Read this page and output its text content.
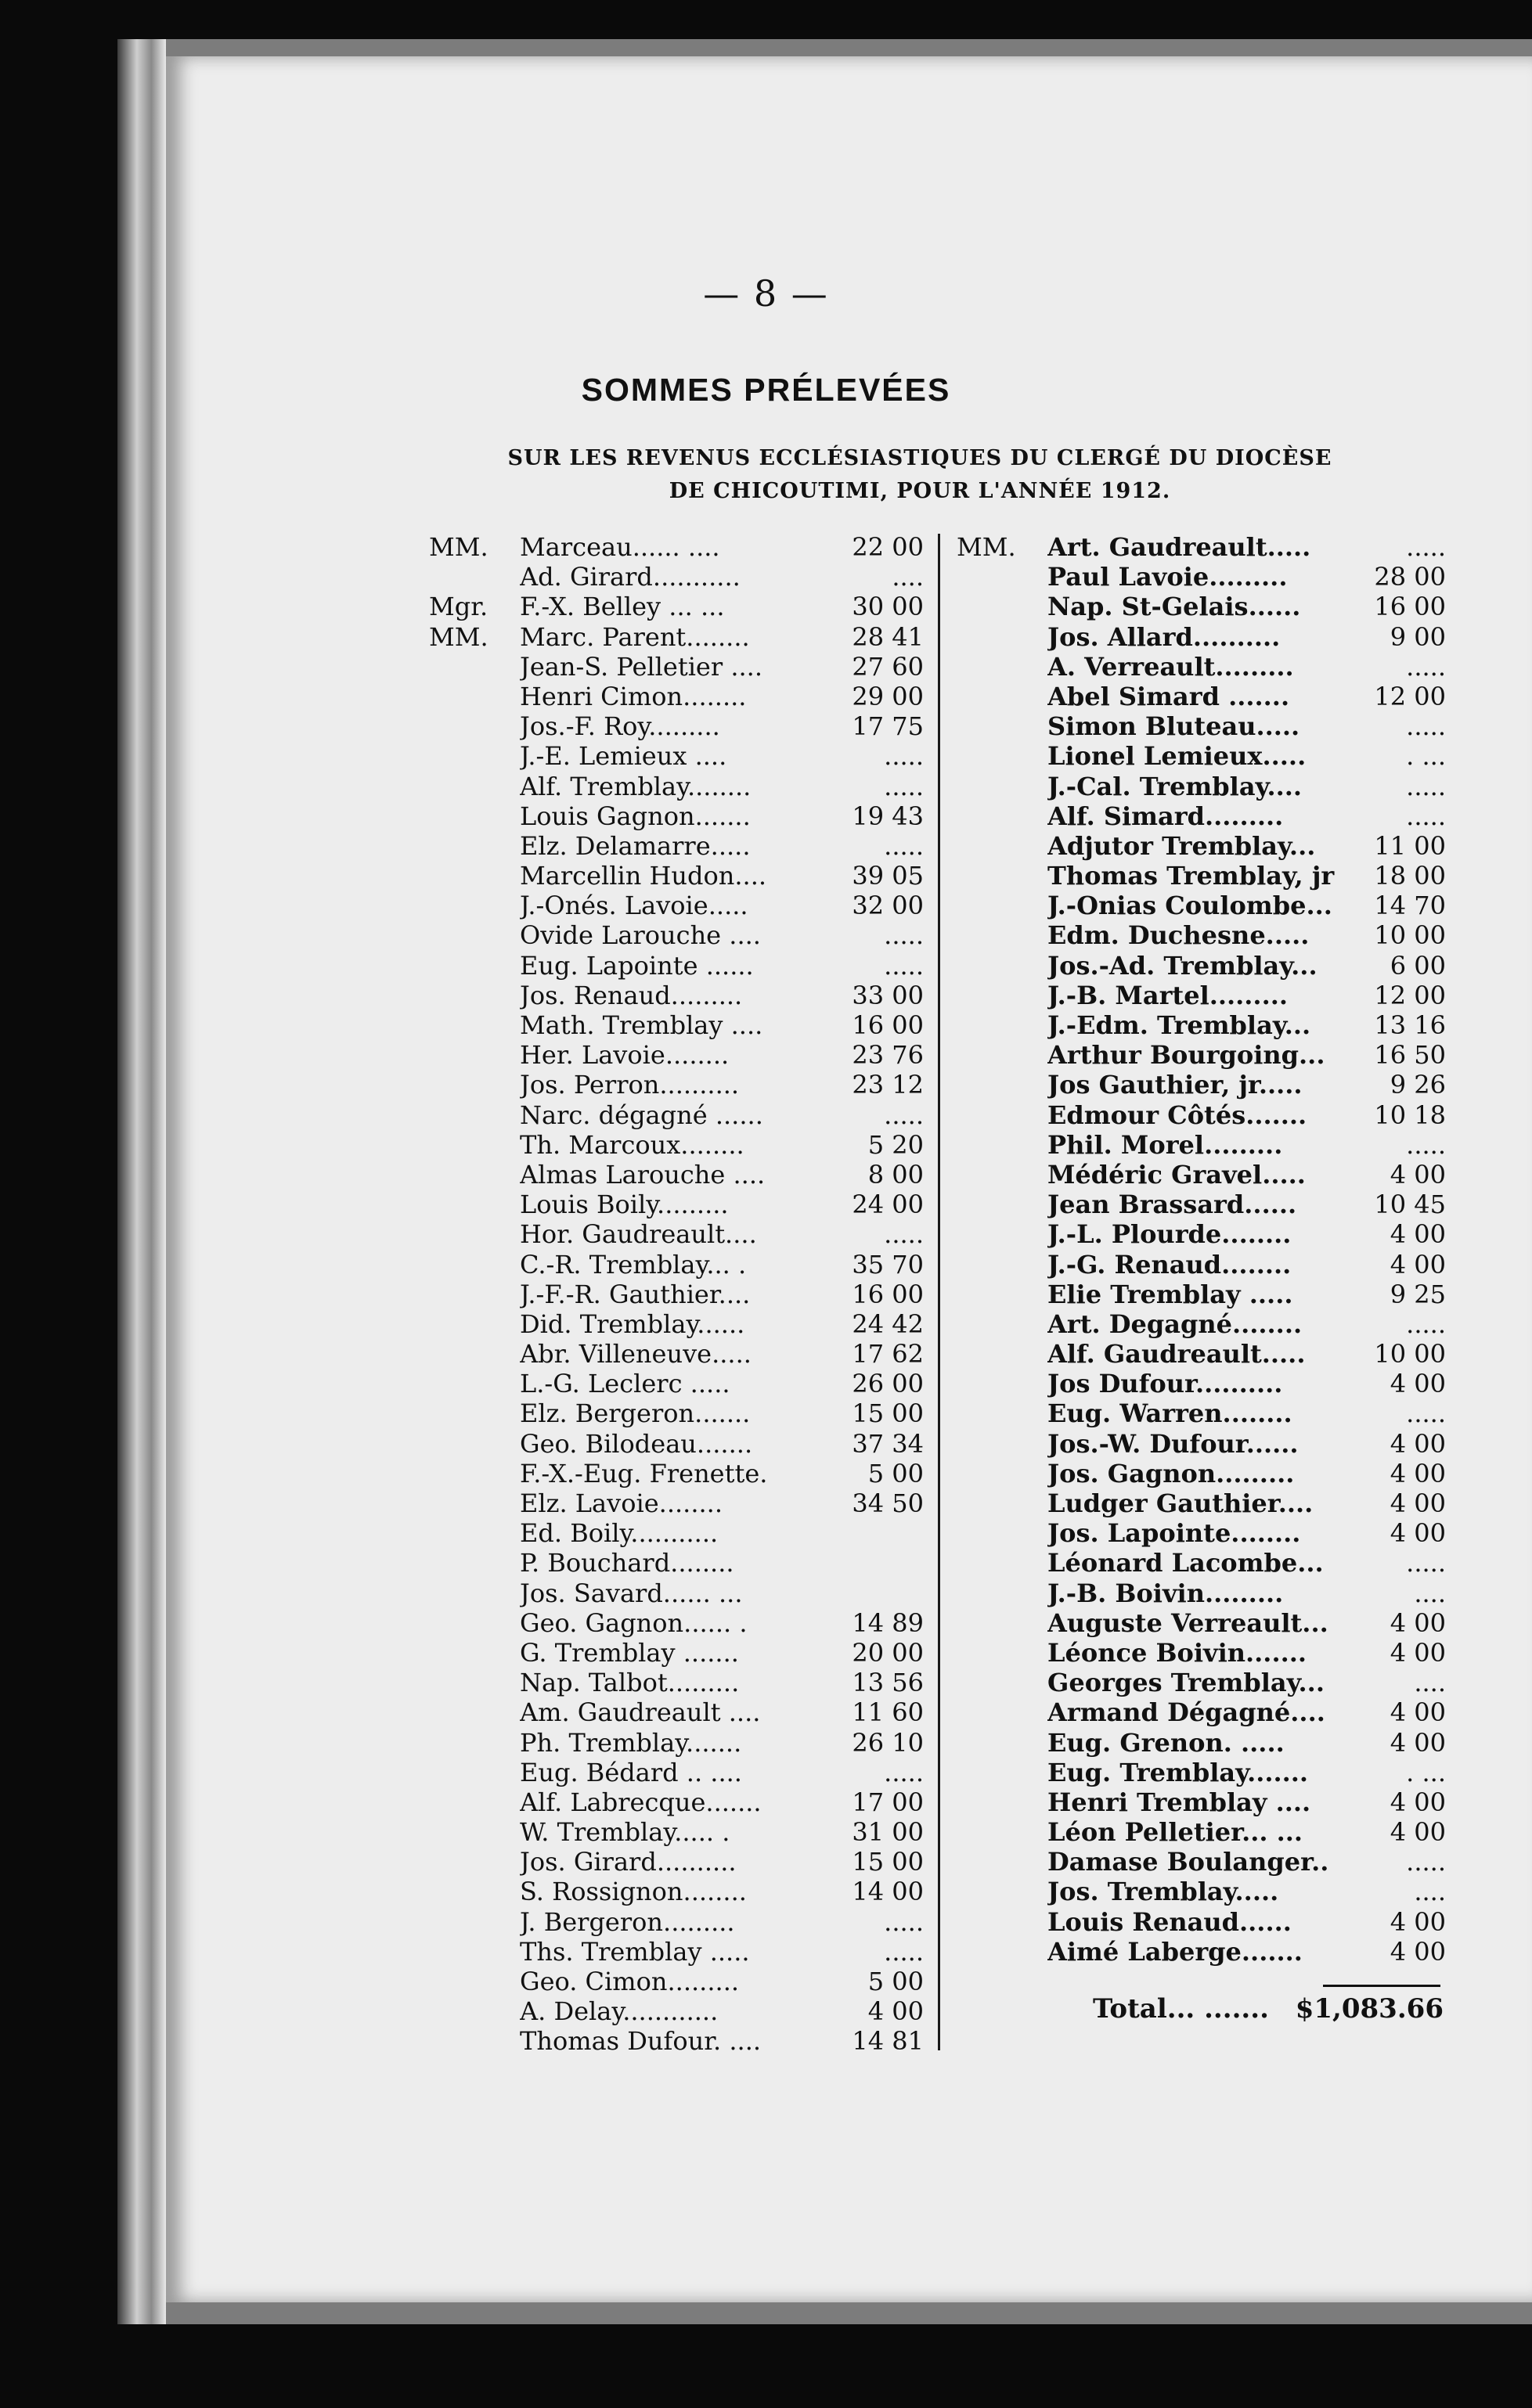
— 8 —
SOMMES PRÉLEVÉES
SUR LES REVENUS ECCLÉSIASTIQUES DU CLERGÉ DU DIOCÈSE
DE CHICOUTIMI, POUR L'ANNÉE 1912.
MM.	Marceau...... ....	22 00
Ad. Girard...........	....
Mgr.	F.-X. Belley ... ...	30 00
MM.	Marc. Parent........	28 41
Jean-S. Pelletier ....	27 60
Henri Cimon........	29 00
Jos.-F. Roy.........	17 75
J.-E. Lemieux ....	.....
Alf. Tremblay........	.....
Louis Gagnon.......	19 43
Elz. Delamarre.....	.....
Marcellin Hudon....	39 05
J.-Onés. Lavoie.....	32 00
Ovide Larouche ....	.....
Eug. Lapointe ......	.....
Jos. Renaud.........	33 00
Math. Tremblay ....	16 00
Her. Lavoie........	23 76
Jos. Perron..........	23 12
Narc. dégagné ......	.....
Th. Marcoux........	5 20
Almas Larouche ....	8 00
Louis Boily.........	24 00
Hor. Gaudreault....	.....
C.-R. Tremblay... .	35 70
J.-F.-R. Gauthier....	16 00
Did. Tremblay......	24 42
Abr. Villeneuve.....	17 62
L.-G. Leclerc .....	26 00
Elz. Bergeron.......	15 00
Geo. Bilodeau.......	37 34
F.-X.-Eug. Frenette.	5 00
Elz. Lavoie........	34 50
Ed. Boily...........
P. Bouchard........
Jos. Savard...... ...
Geo. Gagnon...... .	14 89
G. Tremblay .......	20 00
Nap. Talbot.........	13 56
Am. Gaudreault ....	11 60
Ph. Tremblay.......	26 10
Eug. Bédard .. ....	.....
Alf. Labrecque.......	17 00
W. Tremblay..... .	31 00
Jos. Girard..........	15 00
S. Rossignon........	14 00
J. Bergeron.........	.....
Ths. Tremblay .....	.....
Geo. Cimon.........	5 00
A. Delay............	4 00
Thomas Dufour. ....	14 81
MM.	Art. Gaudreault.....	.....
Paul Lavoie.........	28 00
Nap. St-Gelais......	16 00
Jos. Allard..........	9 00
A. Verreault.........	.....
Abel Simard .......	12 00
Simon Bluteau.....	.....
Lionel Lemieux.....	. ...
J.-Cal. Tremblay....	.....
Alf. Simard.........	.....
Adjutor Tremblay...	11 00
Thomas Tremblay, jr	18 00
J.-Onias Coulombe...	14 70
Edm. Duchesne.....	10 00
Jos.-Ad. Tremblay...	6 00
J.-B. Martel.........	12 00
J.-Edm. Tremblay...	13 16
Arthur Bourgoing...	16 50
Jos Gauthier, jr.....	9 26
Edmour Côtés.......	10 18
Phil. Morel.........	.....
Médéric Gravel.....	4 00
Jean Brassard......	10 45
J.-L. Plourde........	4 00
J.-G. Renaud........	4 00
Elie Tremblay .....	9 25
Art. Degagné........	.....
Alf. Gaudreault.....	10 00
Jos Dufour..........	4 00
Eug. Warren........	.....
Jos.-W. Dufour......	4 00
Jos. Gagnon.........	4 00
Ludger Gauthier....	4 00
Jos. Lapointe........	4 00
Léonard Lacombe...	.....
J.-B. Boivin.........	....
Auguste Verreault...	4 00
Léonce Boivin.......	4 00
Georges Tremblay...	....
Armand Dégagné....	4 00
Eug. Grenon. .....	4 00
Eug. Tremblay.......	. ...
Henri Tremblay ....	4 00
Léon Pelletier... ...	4 00
Damase Boulanger..	.....
Jos. Tremblay.....	....
Louis Renaud......	4 00
Aimé Laberge.......	4 00
Total... ....... $1,083.66
